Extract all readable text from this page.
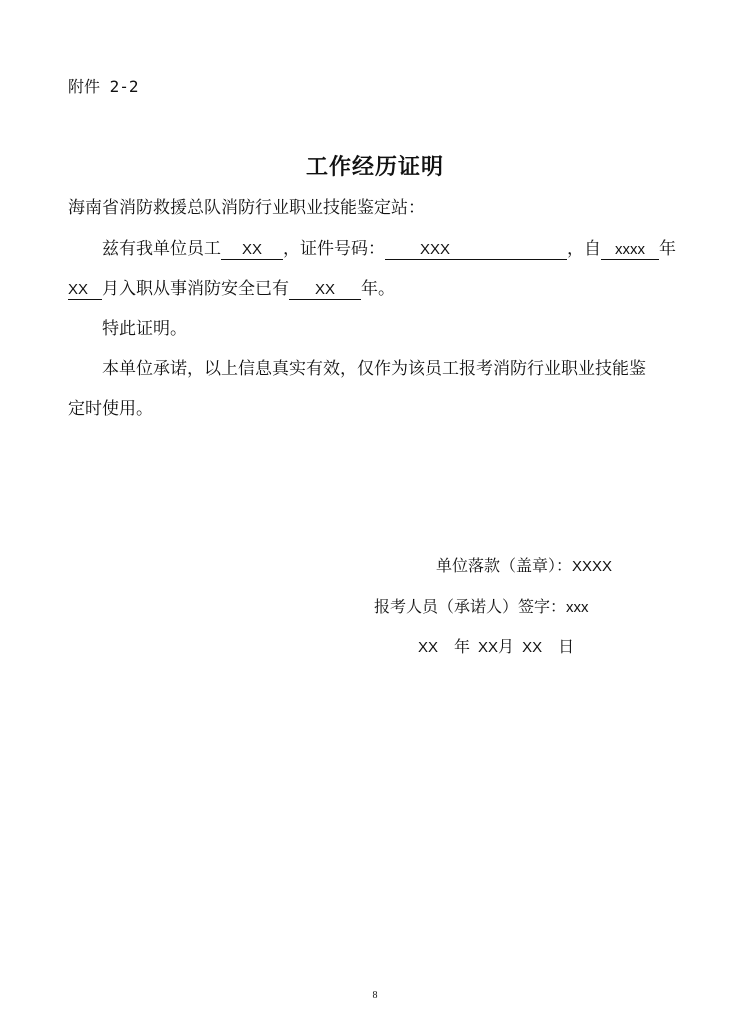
附件 2-2
工作经历证明
海南省消防救援总队消防行业职业技能鉴定站：
兹有我单位员工 XX ，证件号码： XXX	，自 xxxx 年
XX 月入职从事消防安全已有 XX 年。
特此证明。
本单位承诺，以上信息真实有效，仅作为该员工报考消防行业职业技能鉴
定时使用。
单位落款（盖章）：XXXX
报考人员（承诺人）签字：xxx
XX 年 XX月 XX 日
8
